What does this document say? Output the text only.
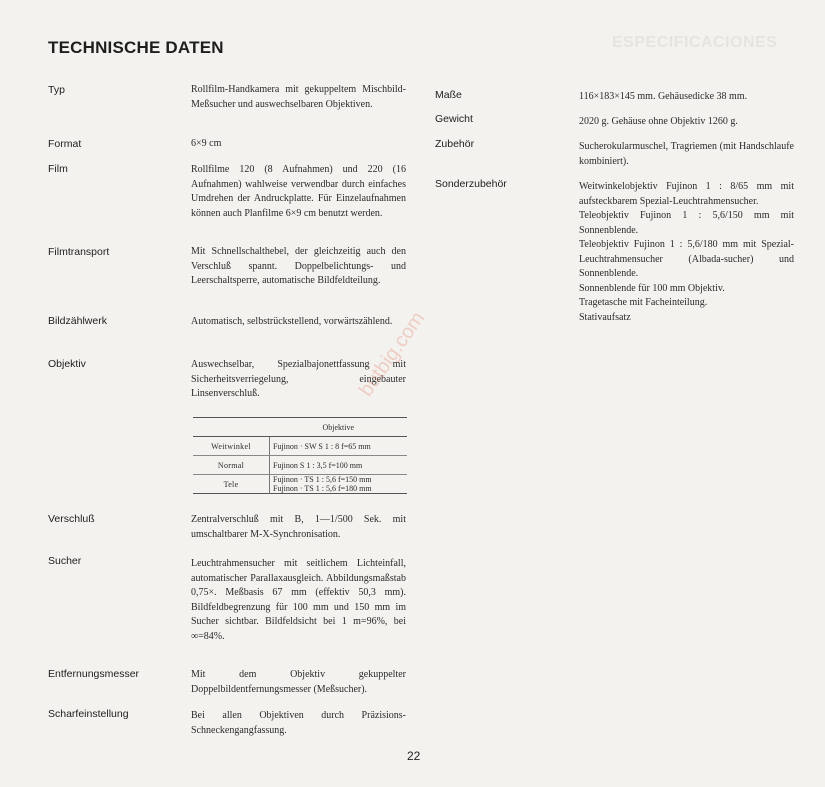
ESPECIFICACIONES
TECHNISCHE DATEN
Typ	Rollfilm-Handkamera mit gekuppeltem Mischbild-Meßsucher und auswechselbaren Objektiven.
Format	6×9 cm
Film	Rollfilme 120 (8 Aufnahmen) und 220 (16 Aufnahmen) wahlweise verwendbar durch einfaches Umdrehen der Andruckplatte. Für Einzelaufnahmen können auch Planfilme 6×9 cm benutzt werden.
Filmtransport	Mit Schnellschalthebel, der gleichzeitig auch den Verschluß spannt. Doppelbelichtungs- und Leerschaltsperre, automatische Bildfeldteilung.
Bildzählwerk	Automatisch, selbstrückstellend, vorwärtszählend.
Objektiv	Auswechselbar, Spezialbajonettfassung mit Sicherheitsverriegelung, eingebauter Linsenverschluß.
	Objektive
Weitwinkel	Fujinon · SW S 1 : 8 f=65 mm
Normal	Fujinon S 1 : 3,5 f=100 mm
Tele	Fujinon · TS 1 : 5,6 f=150 mm
Fujinon · TS 1 : 5,6 f=180 mm
Verschluß	Zentralverschluß mit B, 1—1/500 Sek. mit umschaltbarer M-X-Synchronisation.
Sucher	Leuchtrahmensucher mit seitlichem Lichteinfall, automatischer Parallaxausgleich. Abbildungsmaßstab 0,75×. Meßbasis 67 mm (effektiv 50,3 mm). Bildfeldbegrenzung für 100 mm und 150 mm im Sucher sichtbar. Bildfeldsicht bei 1 m=96%, bei ∞=84%.
Entfernungsmesser	Mit dem Objektiv gekuppelter Doppelbildentfernungsmesser (Meßsucher).
Scharfeinstellung	Bei allen Objektiven durch Präzisions-Schneckengangfassung.
Maße	116×183×145 mm. Gehäusedicke 38 mm.
Gewicht	2020 g. Gehäuse ohne Objektiv 1260 g.
Zubehör	Sucherokularmuschel, Tragriemen (mit Handschlaufe kombiniert).
Sonderzubehör	Weitwinkelobjektiv Fujinon 1 : 8/65 mm mit aufsteckbarem Spezial-Leuchtrahmensucher.
Teleobjektiv Fujinon 1 : 5,6/150 mm mit Sonnenblende.
Teleobjektiv Fujinon 1 : 5,6/180 mm mit Spezial-Leuchtrahmensucher (Albada-sucher) und Sonnenblende.
Sonnenblende für 100 mm Objektiv.
Tragetasche mit Facheinteilung.
Stativaufsatz
butbig.com
22
